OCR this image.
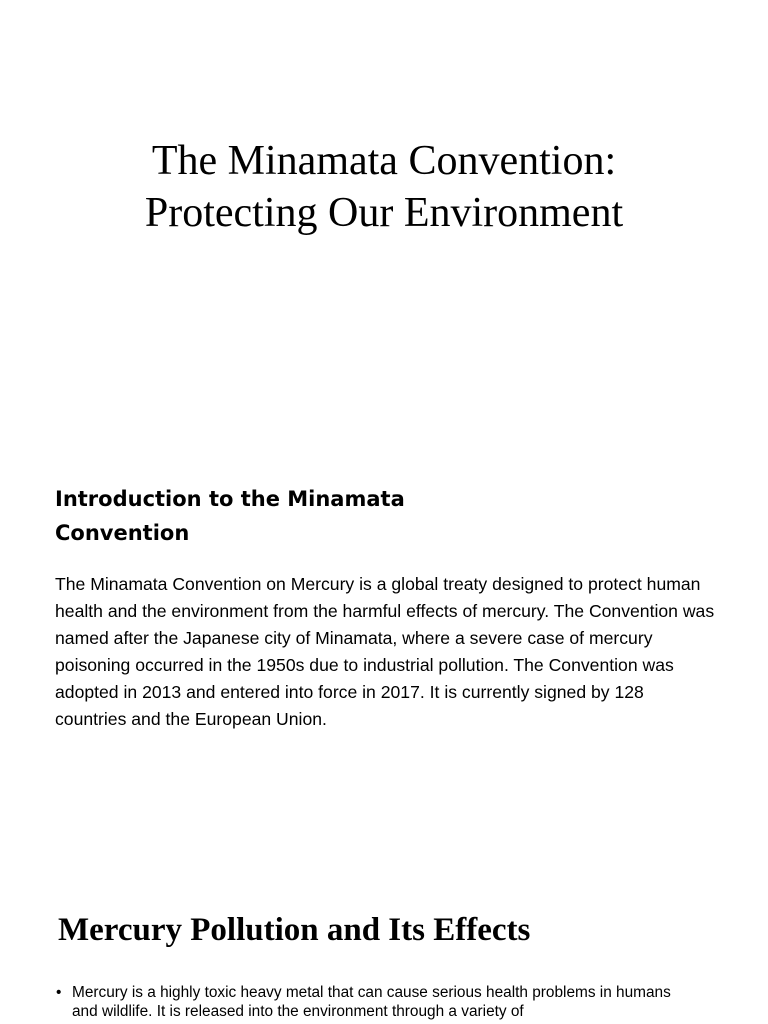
The Minamata Convention:
Protecting Our Environment
Introduction to the Minamata Convention

The Minamata Convention on Mercury is a global treaty designed to protect human health and the environment from the harmful effects of mercury. The Convention was named after the Japanese city of Minamata, where a severe case of mercury poisoning occurred in the 1950s due to industrial pollution. The Convention was adopted in 2013 and entered into force in 2017. It is currently signed by 128 countries and the European Union.

Mercury Pollution and Its Effects
• Mercury is a highly toxic heavy metal that can cause serious health problems in humans and wildlife. It is released into the environment through a variety of
